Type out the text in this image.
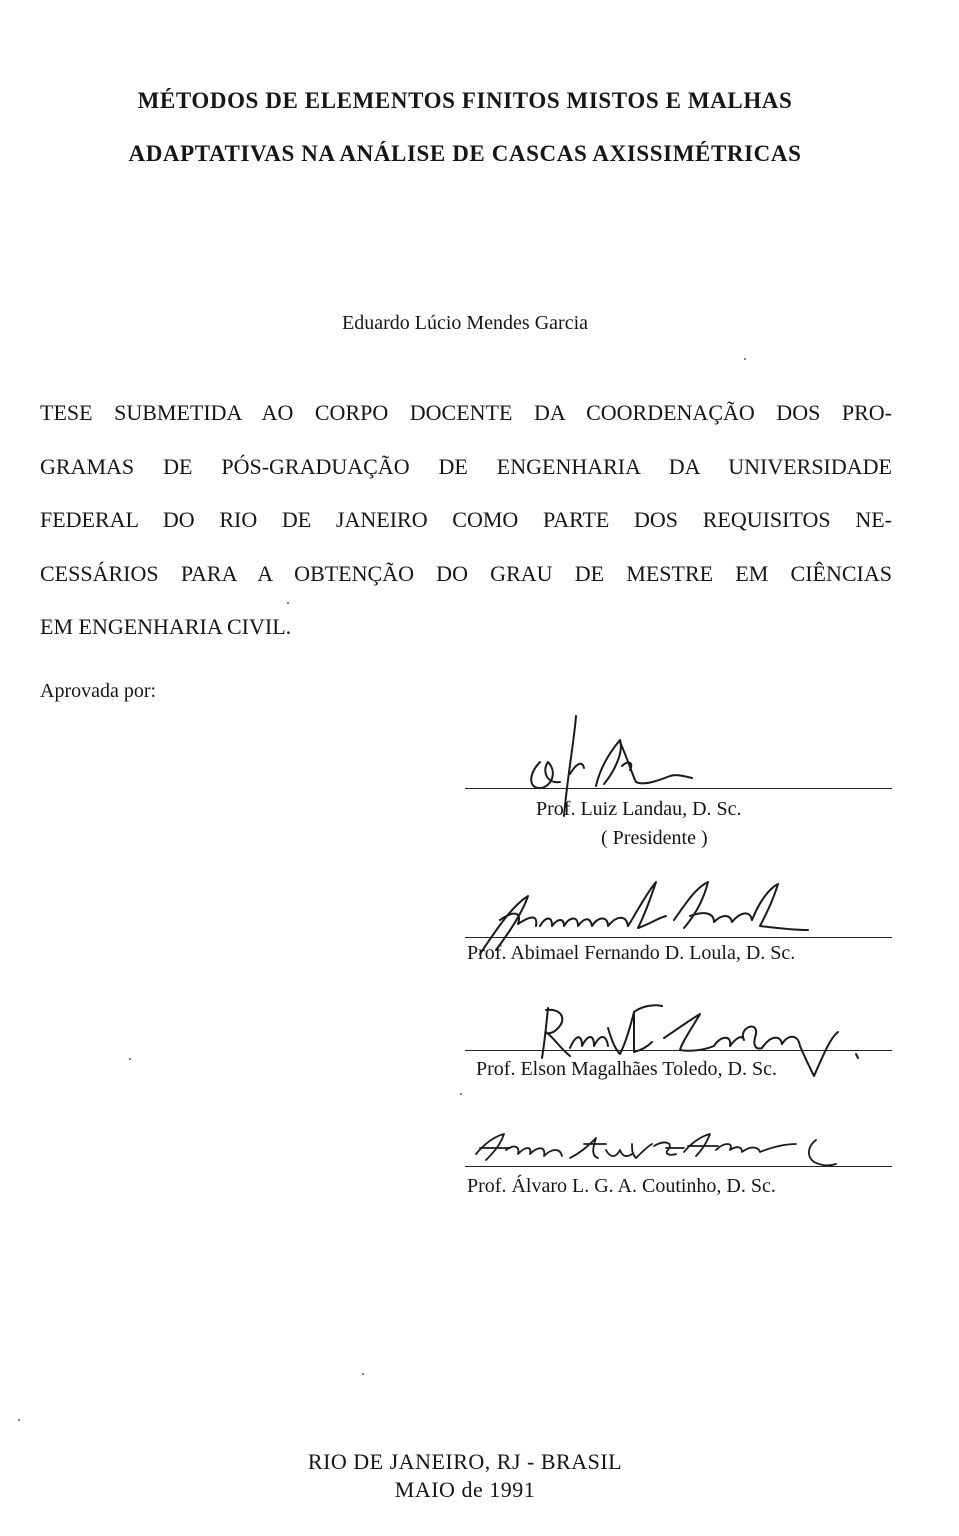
MÉTODOS DE ELEMENTOS FINITOS MISTOS E MALHAS
ADAPTATIVAS NA ANÁLISE DE CASCAS AXISSIMÉTRICAS
Eduardo Lúcio Mendes Garcia
TESE SUBMETIDA AO CORPO DOCENTE DA COORDENAÇÃO DOS PRO-
GRAMAS DE PÓS-GRADUAÇÃO DE ENGENHARIA DA UNIVERSIDADE
FEDERAL DO RIO DE JANEIRO COMO PARTE DOS REQUISITOS NE-
CESSÁRIOS PARA A OBTENÇÃO DO GRAU DE MESTRE EM CIÊNCIAS
EM ENGENHARIA CIVIL.
Aprovada por:
Prof. Luiz Landau, D. Sc.
( Presidente )
Prof. Abimael Fernando D. Loula, D. Sc.
Prof. Elson Magalhães Toledo, D. Sc.
Prof. Álvaro L. G. A. Coutinho, D. Sc.
RIO DE JANEIRO, RJ - BRASIL
MAIO de 1991
